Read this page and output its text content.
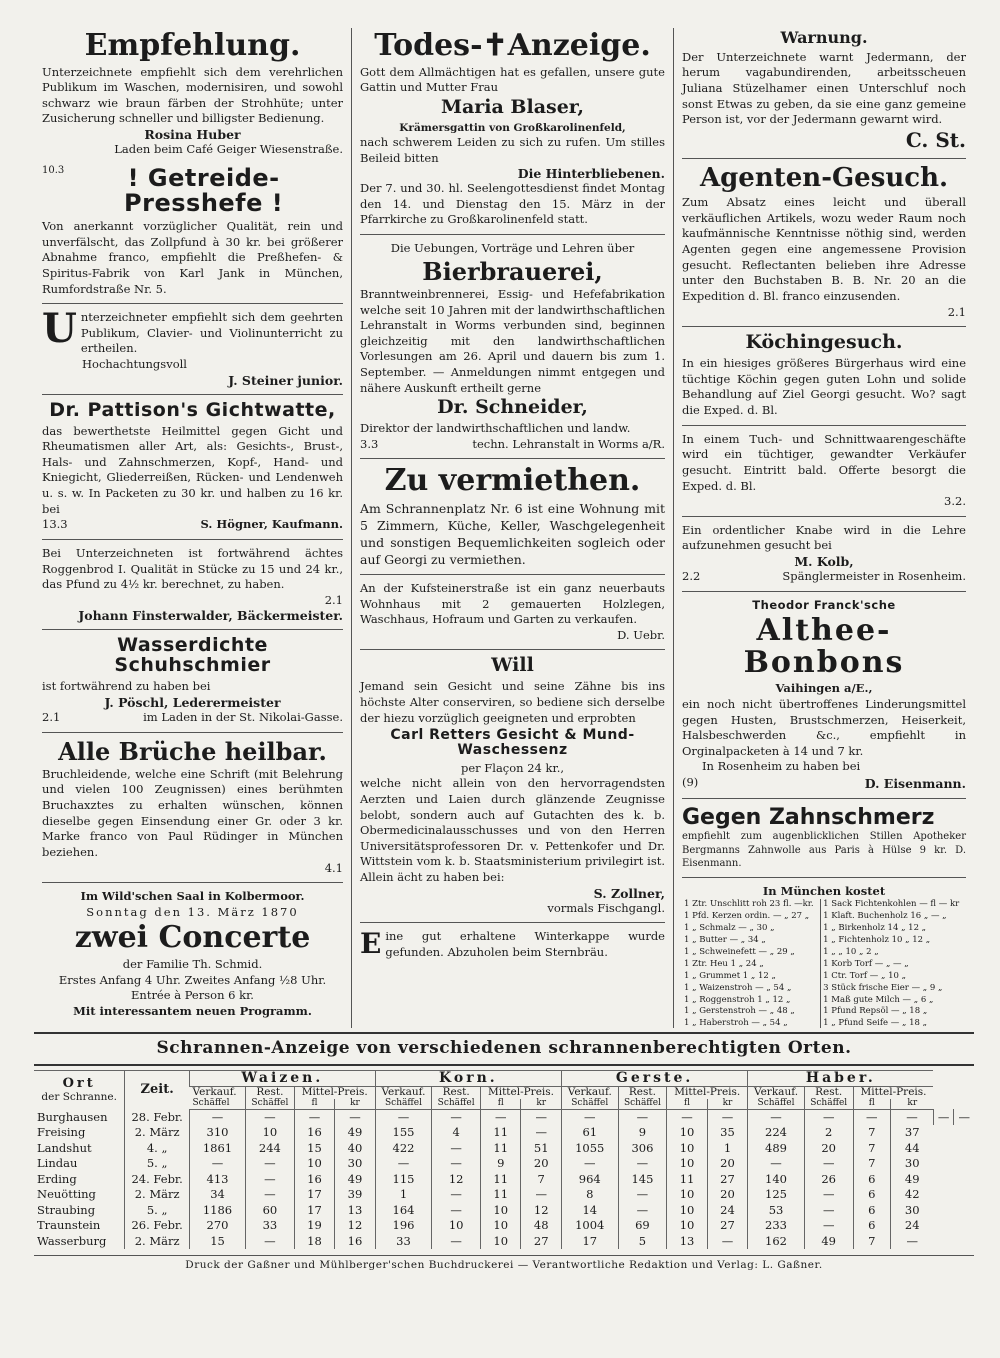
Empfehlung.

Unterzeichnete empfiehlt sich dem verehrlichen Publikum im Waschen, modernisiren, und sowohl schwarz wie braun färben der Strohhüte; unter Zusicherung schneller und billigster Bedienung.

Rosina Huber
Laden beim Café Geiger Wiesenstraße.
10.3	! Getreide-Presshefe !

Von anerkannt vorzüglicher Qualität, rein und unverfälscht, das Zollpfund à 30 kr. bei größerer Abnahme franco, empfiehlt die Preßhefen- & Spiritus-Fabrik von Karl Jank in München, Rumfordstraße Nr. 5.

U nterzeichneter empfiehlt sich dem geehrten Publikum, Clavier- und Violinunterricht zu ertheilen.

Hochachtungsvoll
J. Steiner junior.
Dr. Pattison's Gichtwatte,

das bewerthetste Heilmittel gegen Gicht und Rheumatismen aller Art, als: Gesichts-, Brust-, Hals- und Zahnschmerzen, Kopf-, Hand- und Kniegicht, Gliederreißen, Rücken- und Lendenweh u. s. w. In Packeten zu 30 kr. und halben zu 16 kr. bei

13.3	S. Högner, Kaufmann.

Bei Unterzeichneten ist fortwährend ächtes Roggenbrod I. Qualität in Stücke zu 15 und 24 kr., das Pfund zu 4½ kr. berechnet, zu haben.

2.1
Johann Finsterwalder, Bäckermeister.
Wasserdichte Schuhschmier

ist fortwährend zu haben bei

J. Pöschl, Lederermeister
2.1	im Laden in der St. Nikolai-Gasse.
Alle Brüche heilbar.

Bruchleidende, welche eine Schrift (mit Belehrung und vielen 100 Zeugnissen) eines berühmten Bruchaxztes zu erhalten wünschen, können dieselbe gegen Einsendung einer Gr. oder 3 kr. Marke franco von Paul Rüdinger in München beziehen.

4.1
Im Wild'schen Saal in Kolbermoor.
Sonntag den 13. März 1870
zwei Concerte
der Familie Th. Schmid.
Erstes Anfang 4 Uhr. Zweites Anfang ½8 Uhr.
Entrée à Person 6 kr.
Mit interessantem neuen Programm.
Todes-✝Anzeige.

Gott dem Allmächtigen hat es gefallen, unsere gute Gattin und Mutter Frau

Maria Blaser,
Krämersgattin von Großkarolinenfeld,

nach schwerem Leiden zu sich zu rufen. Um stilles Beileid bitten

Die Hinterbliebenen.

Der 7. und 30. hl. Seelengottesdienst findet Montag den 14. und Dienstag den 15. März in der Pfarrkirche zu Großkarolinenfeld statt.

Die Uebungen, Vorträge und Lehren über
Bierbrauerei,

Branntweinbrennerei, Essig- und Hefefabrikation welche seit 10 Jahren mit der landwirthschaftlichen Lehranstalt in Worms verbunden sind, beginnen gleichzeitig mit den landwirthschaftlichen Vorlesungen am 26. April und dauern bis zum 1. September. — Anmeldungen nimmt entgegen und nähere Auskunft ertheilt gerne

Dr. Schneider,
Direktor der landwirthschaftlichen und landw.
3.3	techn. Lehranstalt in Worms a/R.
Zu vermiethen.

Am Schrannenplatz Nr. 6 ist eine Wohnung mit 5 Zimmern, Küche, Keller, Waschgelegenheit und sonstigen Bequemlichkeiten sogleich oder auf Georgi zu vermiethen.

An der Kufsteinerstraße ist ein ganz neuerbauts Wohnhaus mit 2 gemauerten Holzlegen, Waschhaus, Hofraum und Garten zu verkaufen.

D. Uebr.
Will

Jemand sein Gesicht und seine Zähne bis ins höchste Alter conserviren, so bediene sich derselbe der hiezu vorzüglich geeigneten und erprobten

Carl Retters Gesicht & Mund-Waschessenz
per Flaçon 24 kr.,

welche nicht allein von den hervorragendsten Aerzten und Laien durch glänzende Zeugnisse belobt, sondern auch auf Gutachten des k. b. Obermedicinalausschusses und von den Herren Universitätsprofessoren Dr. v. Pettenkofer und Dr. Wittstein vom k. b. Staatsministerium privilegirt ist. Allein ächt zu haben bei:

S. Zollner,
vormals Fischgangl.
E ine gut erhaltene Winterkappe wurde gefunden. Abzuholen beim Sternbräu.

Warnung.

Der Unterzeichnete warnt Jedermann, der herum vagabundirenden, arbeitsscheuen Juliana Stüzelhamer einen Unterschluf noch sonst Etwas zu geben, da sie eine ganz gemeine Person ist, vor der Jedermann gewarnt wird.

C. St.
Agenten-Gesuch.

Zum Absatz eines leicht und überall verkäuflichen Artikels, wozu weder Raum noch kaufmännische Kenntnisse nöthig sind, werden Agenten gegen eine angemessene Provision gesucht. Reflectanten belieben ihre Adresse unter den Buchstaben B. B. Nr. 20 an die Expedition d. Bl. franco einzusenden.

2.1
Köchingesuch.

In ein hiesiges größeres Bürgerhaus wird eine tüchtige Köchin gegen guten Lohn und solide Behandlung auf Ziel Georgi gesucht. Wo? sagt die Exped. d. Bl.

In einem Tuch- und Schnittwaarengeschäfte wird ein tüchtiger, gewandter Verkäufer gesucht. Eintritt bald. Offerte besorgt die Exped. d. Bl.

3.2.

Ein ordentlicher Knabe wird in die Lehre aufzunehmen gesucht bei

M. Kolb,
2.2	Spänglermeister in Rosenheim.
Theodor Franck'sche
Althee-Bonbons
Vaihingen a/E.,

ein noch nicht übertroffenes Linderungsmittel gegen Husten, Brustschmerzen, Heiserkeit, Halsbeschwerden &c., empfiehlt in Orginalpacketen à 14 und 7 kr.

In Rosenheim zu haben bei
(9)	D. Eisenmann.
Gegen Zahnschmerz

empfiehlt zum augenblicklichen Stillen Apotheker Bergmanns Zahnwolle aus Paris à Hülse 9 kr. D. Eisenmann.

In München kostet
1 Ztr. Unschlitt roh 23 fl. —kr.	1 Sack Fichtenkohlen — fl — kr
1 Pfd. Kerzen ordin. — „ 27 „	1 Klaft. Buchenholz 16 „ — „
1 „ Schmalz — „ 30 „	1 „ Birkenholz 14 „ 12 „
1 „ Butter — „ 34 „	1 „ Fichtenholz 10 „ 12 „
1 „ Schweinefett — „ 29 „	1 „ „ 10 „ 2 „
1 Ztr. Heu 1 „ 24 „	1 Korb Torf — „ — „
1 „ Grummet 1 „ 12 „	1 Ctr. Torf — „ 10 „
1 „ Waizenstroh — „ 54 „	3 Stück frische Eier — „ 9 „
1 „ Roggenstroh 1 „ 12 „	1 Maß gute Milch — „ 6 „
1 „ Gerstenstroh — „ 48 „	1 Pfund Repsöl — „ 18 „
1 „ Haberstroh — „ 54 „	1 „ Pfund Seife — „ 18 „
Schrannen-Anzeige von verschiedenen schrannenberechtigten Orten.
Ort
der Schranne.	Zeit.	Waizen.				Korn.				Gerste.				Haber.					
		Verkauf.	Rest.	Mittel-Preis.		Verkauf.	Rest.	Mittel-Preis.		Verkauf.	Rest.	Mittel-Preis.		Verkauf.	Rest.	Mittel-Preis.			
		Schäffel	Schäffel	fl	kr	Schäffel	Schäffel	fl	kr	Schäffel	Schäffel	fl	kr	Schäffel	Schäffel	fl	kr		
Burghausen	28. Febr.	—	—	—	—	—	—	—	—	—	—	—	—	—	—	—	—	—	—
Freising	2. März	310	10	16	49	155	4	11	—	61	9	10	35	224	2	7	37		
Landshut	4. „	1861	244	15	40	422	—	11	51	1055	306	10	1	489	20	7	44		
Lindau	5. „	—	—	10	30	—	—	9	20	—	—	10	20	—	—	7	30		
Erding	24. Febr.	413	—	16	49	115	12	11	7	964	145	11	27	140	26	6	49		
Neuötting	2. März	34	—	17	39	1	—	11	—	8	—	10	20	125	—	6	42		
Straubing	5. „	1186	60	17	13	164	—	10	12	14	—	10	24	53	—	6	30		
Traunstein	26. Febr.	270	33	19	12	196	10	10	48	1004	69	10	27	233	—	6	24		
Wasserburg	2. März	15	—	18	16	33	—	10	27	17	5	13	—	162	49	7	—		
Druck der Gaßner und Mühlberger'schen Buchdruckerei — Verantwortliche Redaktion und Verlag: L. Gaßner.
